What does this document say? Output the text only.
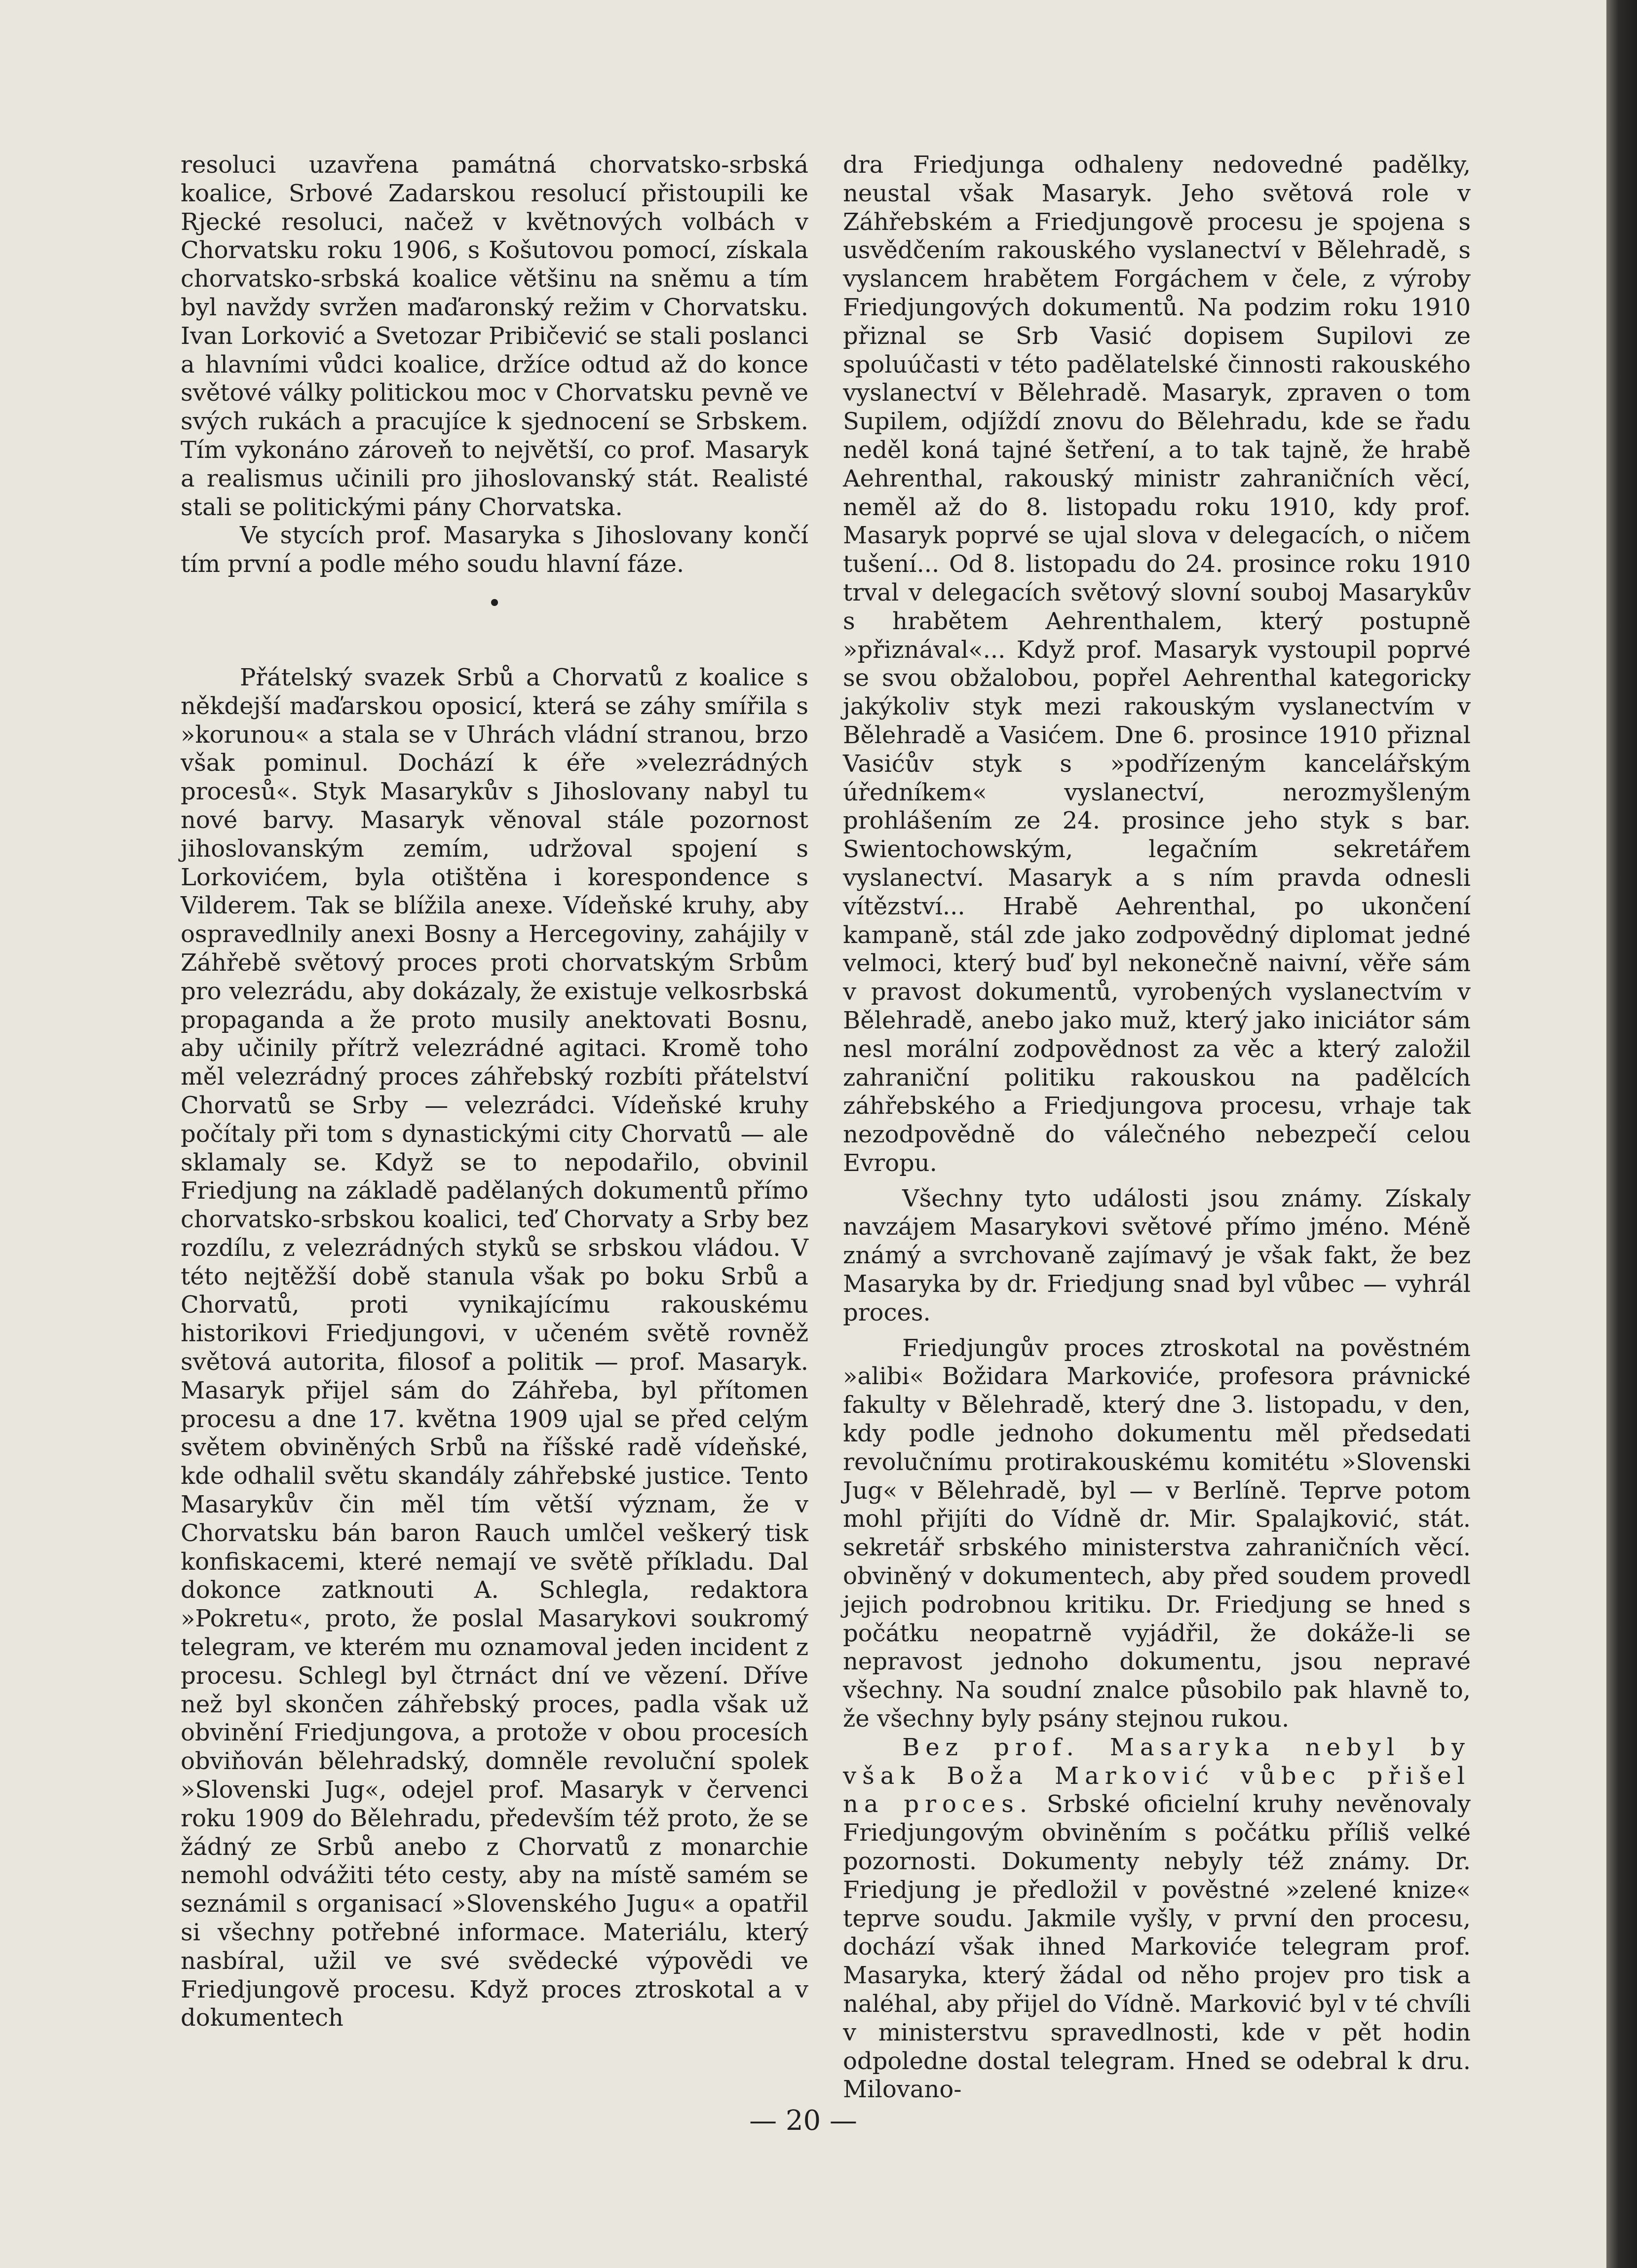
resoluci uzavřena památná chorvatsko-srbská koalice, Srbové Zadarskou resolucí přistoupili ke Rjecké resoluci, načež v květnových volbách v Chorvatsku roku 1906, s Košutovou pomocí, získala chorvatsko-srbská koalice většinu na sněmu a tím byl navždy svržen maďaronský režim v Chorvatsku. Ivan Lorković a Svetozar Pribičević se stali poslanci a hlavními vůdci koalice, držíce odtud až do konce světové války politickou moc v Chorvatsku pevně ve svých rukách a pracujíce k sjednocení se Srbskem. Tím vykonáno zároveň to největší, co prof. Masaryk a realismus učinili pro jihoslovanský stát. Realisté stali se politickými pány Chorvatska.

Ve stycích prof. Masaryka s Jihoslovany končí tím první a podle mého soudu hlavní fáze.

•

Přátelský svazek Srbů a Chorvatů z koalice s někdejší maďarskou oposicí, která se záhy smířila s »korunou« a stala se v Uhrách vládní stranou, brzo však pominul. Dochází k éře »velezrádných procesů«. Styk Masarykův s Jihoslovany nabyl tu nové barvy. Masaryk věnoval stále pozornost jihoslovanským zemím, udržoval spojení s Lorkovićem, byla otištěna i korespondence s Vilderem. Tak se blížila anexe. Vídeňské kruhy, aby ospravedlnily anexi Bosny a Hercegoviny, zahájily v Záhřebě světový proces proti chorvatským Srbům pro velezrádu, aby dokázaly, že existuje velkosrbská propaganda a že proto musily anektovati Bosnu, aby učinily přítrž velezrádné agitaci. Kromě toho měl velezrádný proces záhřebský rozbíti přátelství Chorvatů se Srby — velezrádci. Vídeňské kruhy počítaly při tom s dynastickými city Chorvatů — ale sklamaly se. Když se to nepodařilo, obvinil Friedjung na základě padělaných dokumentů přímo chorvatsko-srbskou koalici, teď Chorvaty a Srby bez rozdílu, z velezrádných styků se srbskou vládou. V této nejtěžší době stanula však po boku Srbů a Chorvatů, proti vynikajícímu rakouskému historikovi Friedjungovi, v učeném světě rovněž světová autorita, filosof a politik — prof. Masaryk. Masaryk přijel sám do Záhřeba, byl přítomen procesu a dne 17. května 1909 ujal se před celým světem obviněných Srbů na říšské radě vídeňské, kde odhalil světu skandály záhřebské justice. Tento Masarykův čin měl tím větší význam, že v Chorvatsku bán baron Rauch umlčel veškerý tisk konfiskacemi, které nemají ve světě příkladu. Dal dokonce zatknouti A. Schlegla, redaktora »Pokretu«, proto, že poslal Masarykovi soukromý telegram, ve kterém mu oznamoval jeden incident z procesu. Schlegl byl čtrnáct dní ve vězení. Dříve než byl skončen záhřebský proces, padla však už obvinění Friedjungova, a protože v obou procesích obviňován bělehradský, domněle revoluční spolek »Slovenski Jug«, odejel prof. Masaryk v červenci roku 1909 do Bělehradu, především též proto, že se žádný ze Srbů anebo z Chorvatů z monarchie nemohl odvážiti této cesty, aby na místě samém se seznámil s organisací »Slovenského Jugu« a opatřil si všechny potřebné informace. Materiálu, který nasbíral, užil ve své svědecké výpovědi ve Friedjungově procesu. Když proces ztroskotal a v dokumentech

dra Friedjunga odhaleny nedovedné padělky, neustal však Masaryk. Jeho světová role v Záhřebském a Friedjungově procesu je spojena s usvědčením rakouského vyslanectví v Bělehradě, s vyslancem hrabětem Forgáchem v čele, z výroby Friedjungových dokumentů. Na podzim roku 1910 přiznal se Srb Vasić dopisem Supilovi ze spoluúčasti v této padělatelské činnosti rakouského vyslanectví v Bělehradě. Masaryk, zpraven o tom Supilem, odjíždí znovu do Bělehradu, kde se řadu neděl koná tajné šetření, a to tak tajně, že hrabě Aehrenthal, rakouský ministr zahraničních věcí, neměl až do 8. listopadu roku 1910, kdy prof. Masaryk poprvé se ujal slova v delegacích, o ničem tušení... Od 8. listopadu do 24. prosince roku 1910 trval v delegacích světový slovní souboj Masarykův s hrabětem Aehrenthalem, který postupně »přiznával«... Když prof. Masaryk vystoupil poprvé se svou obžalobou, popřel Aehrenthal kategoricky jakýkoliv styk mezi rakouským vyslanectvím v Bělehradě a Vasićem. Dne 6. prosince 1910 přiznal Vasićův styk s »podřízeným kancelářským úředníkem« vyslanectví, nerozmyšleným prohlášením ze 24. prosince jeho styk s bar. Swientochowským, legačním sekretářem vyslanectví. Masaryk a s ním pravda odnesli vítězství... Hrabě Aehrenthal, po ukončení kampaně, stál zde jako zodpovědný diplomat jedné velmoci, který buď byl nekonečně naivní, věře sám v pravost dokumentů, vyrobených vyslanectvím v Bělehradě, anebo jako muž, který jako iniciátor sám nesl morální zodpovědnost za věc a který založil zahraniční politiku rakouskou na padělcích záhřebského a Friedjungova procesu, vrhaje tak nezodpovědně do válečného nebezpečí celou Evropu.

Všechny tyto události jsou známy. Získaly navzájem Masarykovi světové přímo jméno. Méně známý a svrchovaně zajímavý je však fakt, že bez Masaryka by dr. Friedjung snad byl vůbec — vyhrál proces.

Friedjungův proces ztroskotal na pověstném »alibi« Božidara Markoviće, profesora právnické fakulty v Bělehradě, který dne 3. listopadu, v den, kdy podle jednoho dokumentu měl předsedati revolučnímu protirakouskému komitétu »Slovenski Jug« v Bělehradě, byl — v Berlíně. Teprve potom mohl přijíti do Vídně dr. Mir. Spalajković, stát. sekretář srbského ministerstva zahraničních věcí. obviněný v dokumentech, aby před soudem provedl jejich podrobnou kritiku. Dr. Friedjung se hned s počátku neopatrně vyjádřil, že dokáže-li se nepravost jednoho dokumentu, jsou nepravé všechny. Na soudní znalce působilo pak hlavně to, že všechny byly psány stejnou rukou.

Bez prof. Masaryka nebyl by však Boža Marković vůbec přišel na proces. Srbské oficielní kruhy nevěnovaly Friedjungovým obviněním s počátku příliš velké pozornosti. Dokumenty nebyly též známy. Dr. Friedjung je předložil v pověstné »zelené knize« teprve soudu. Jakmile vyšly, v první den procesu, dochází však ihned Markoviće telegram prof. Masaryka, který žádal od něho projev pro tisk a naléhal, aby přijel do Vídně. Marković byl v té chvíli v ministerstvu spravedlnosti, kde v pět hodin odpoledne dostal telegram. Hned se odebral k dru. Milovano-

— 20 —
